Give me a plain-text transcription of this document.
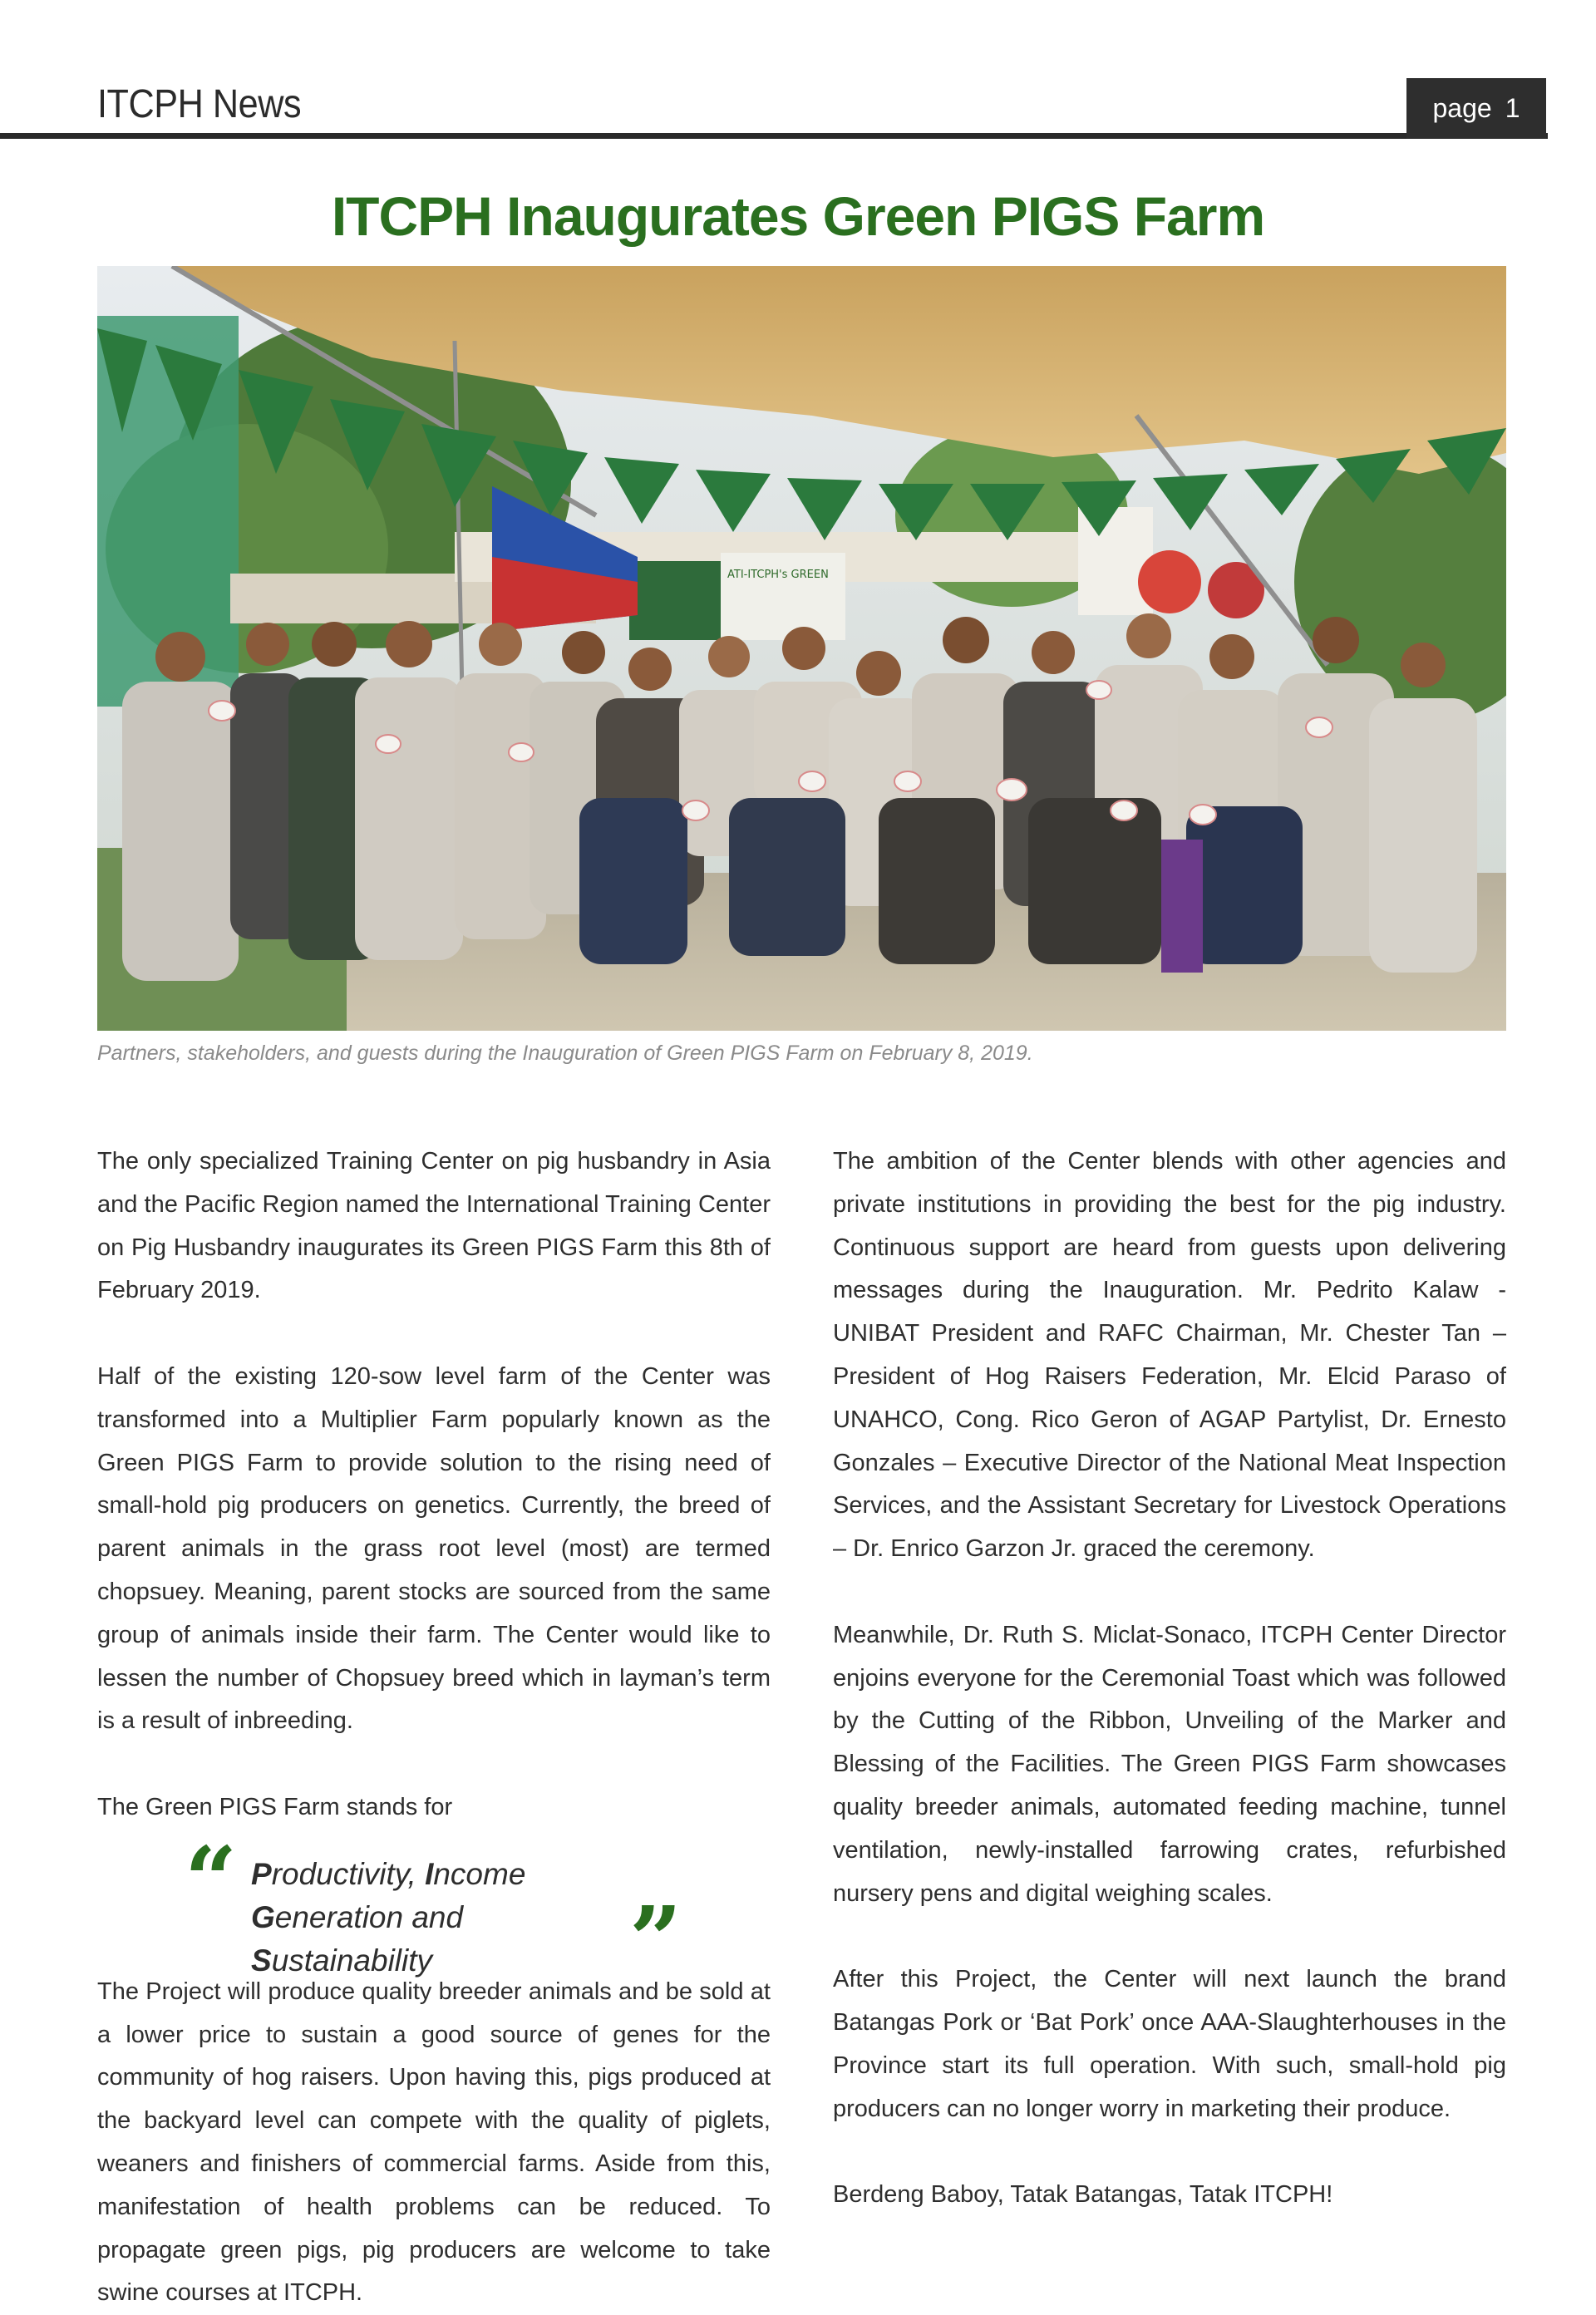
ITCPH News	page 1
ITCPH Inaugurates Green PIGS Farm
ATI-ITCPH's GREEN
Partners, stakeholders, and guests during the Inauguration of Green PIGS Farm on February 8, 2019.

The only specialized Training Center on pig husbandry in Asia and the Pacific Region named the International Training Center on Pig Husbandry inaugurates its Green PIGS Farm this 8th of February 2019.

Half of the existing 120-sow level farm of the Center was transformed into a Multiplier Farm popularly known as the Green PIGS Farm to provide solution to the rising need of small-hold pig producers on genetics. Currently, the breed of parent animals in the grass root level (most) are termed chopsuey. Meaning, parent stocks are sourced from the same group of animals inside their farm. The Center would like to lessen the number of Chopsuey breed which in layman’s term is a result of inbreeding.

The Green PIGS Farm stands for

“ Productivity, Income
Generation and Sustainability	”

The Project will produce quality breeder animals and be sold at a lower price to sustain a good source of genes for the community of hog raisers. Upon having this, pigs produced at the backyard level can compete with the quality of piglets, weaners and finishers of commercial farms. Aside from this, manifestation of health problems can be reduced. To propagate green pigs, pig producers are welcome to take swine courses at ITCPH.

The ambition of the Center blends with other agencies and private institutions in providing the best for the pig industry. Continuous support are heard from guests upon delivering messages during the Inauguration. Mr. Pedrito Kalaw - UNIBAT President and RAFC Chairman, Mr. Chester Tan – President of Hog Raisers Federation, Mr. Elcid Paraso of UNAHCO, Cong. Rico Geron of AGAP Partylist, Dr. Ernesto Gonzales – Executive Director of the National Meat Inspection Services, and the Assistant Secretary for Livestock Operations – Dr. Enrico Garzon Jr. graced the ceremony.

Meanwhile, Dr. Ruth S. Miclat-Sonaco, ITCPH Center Director enjoins everyone for the Ceremonial Toast which was followed by the Cutting of the Ribbon, Unveiling of the Marker and Blessing of the Facilities. The Green PIGS Farm showcases quality breeder animals, automated feeding machine, tunnel ventilation, newly-installed farrowing crates, refurbished nursery pens and digital weighing scales.

After this Project, the Center will next launch the brand Batangas Pork or ‘Bat Pork’ once AAA-Slaughterhouses in the Province start its full operation. With such, small-hold pig producers can no longer worry in marketing their produce.

Berdeng Baboy, Tatak Batangas, Tatak ITCPH!
